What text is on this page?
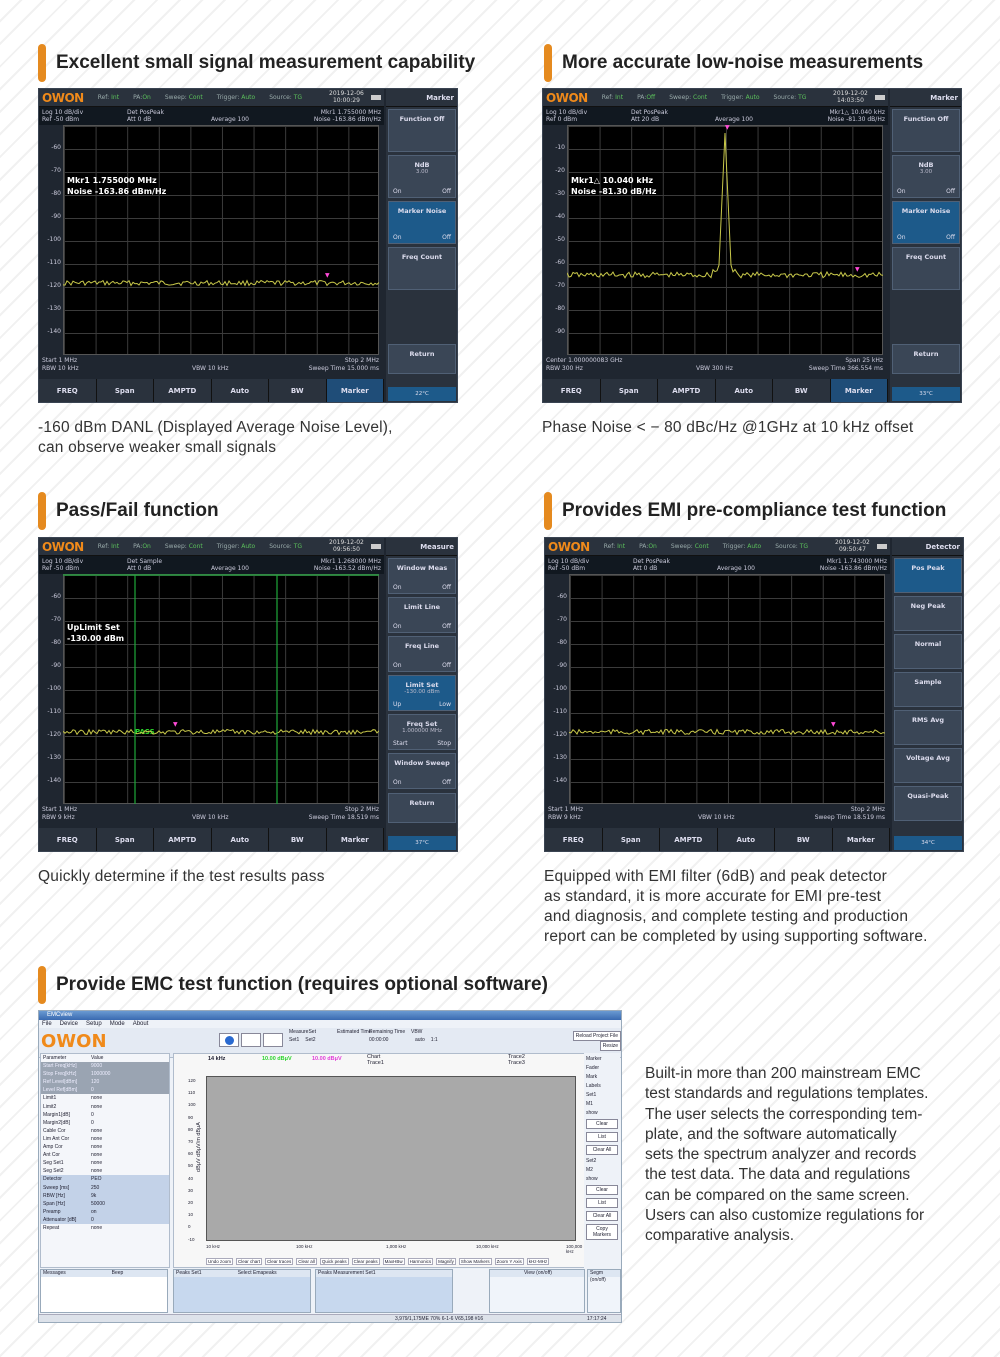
Excellent small signal measurement capability	More accurate low-noise measurements
Pass/Fail function	Provides EMI pre-compliance test function
Provide EMC test function (requires optional software)
-160 dBm DANL (Displayed Average Noise Level),
can observe weaker small signals
Phase Noise < − 80 dBc/Hz @1GHz at 10 kHz offset
Quickly determine if the test results pass	Equipped with EMI filter (6dB) and peak detector
as standard, it is more accurate for EMI pre-test
and diagnosis, and complete testing and production
report can be completed by using supporting software.
Built-in more than 200 mainstream EMC
test standards and regulations templates.
The user selects the corresponding tem-
plate, and the software automatically
sets the spectrum analyzer and records
the test data. The data and regulations
can be compared on the same screen.
Users can also customize regulations for
comparative analysis.
OWON Ref: Int PA:On Sweep: Cont Trigger: Auto Source: TG
2019-12-06
10:00:29
Log 10 dB/div
Ref -50 dBm
Det PosPeak
Att 0 dB	Average 100
Mkr1 1.755000 MHz
Noise -163.86 dBm/Hz
-60
-70
-80
-90
-100
-110
-120
-130
-140
Mkr1 1.755000 MHz
Noise -163.86 dBm/Hz
Start 1 MHz
RBW 10 kHz	VBW 10 kHz
Stop 2 MHz
Sweep Time 15.000 ms
FREQ	Span	AMPTD	Auto	BW	Marker
Marker
Function Off
NdB
3.00
On	Off
Marker Noise
On	Off
Freq Count
Return
22°C
▼
OWON Ref: Int PA:Off Sweep: Cont Trigger: Auto Source: TG
2019-12-02
14:03:50
Log 10 dB/div
Ref 0 dBm
Det PosPeak
Att 20 dB	Average 100
Mkr1△ 10.040 kHz
Noise -81.30 dB/Hz
-10
-20
-30
-40
-50
-60
-70
-80
-90
Mkr1△ 10.040 kHz
Noise -81.30 dB/Hz
Center 1.000000083 GHz
RBW 300 Hz	VBW 300 Hz
Span 25 kHz
Sweep Time 366.554 ms
FREQ	Span	AMPTD	Auto	BW	Marker
Marker
Function Off
NdB
3.00
On	Off
Marker Noise
On	Off
Freq Count
Return
33°C
▼
▼
OWON Ref: Int PA:On Sweep: Cont Trigger: Auto Source: TG
2019-12-02
09:56:50
Log 10 dB/div
Ref -50 dBm
Det Sample
Att 0 dB	Average 100
Mkr1 1.268000 MHz
Noise -163.52 dBm/Hz
-60
-70
-80
-90
-100
-110
-120
-130
-140
UpLimit Set
-130.00 dBm
PASS
Start 1 MHz
RBW 9 kHz	VBW 10 kHz
Stop 2 MHz
Sweep Time 18.519 ms
FREQ	Span	AMPTD	Auto	BW	Marker
Measure
Window Meas
On	Off
Limit Line
On	Off
Freq Line
On	Off
Limit Set
-130.00 dBm
Up	Low
Freq Set
1.000000 MHz
Start	Stop
Window Sweep
On	Off
Return
37°C
▼
OWON Ref: Int PA:On Sweep: Cont Trigger: Auto Source: TG
2019-12-02
09:50:47
Log 10 dB/div
Ref -50 dBm
Det PosPeak
Att 0 dB	Average 100
Mkr1 1.743000 MHz
Noise -163.86 dBm/Hz
-60
-70
-80
-90
-100
-110
-120
-130
-140
Start 1 MHz
RBW 9 kHz	VBW 10 kHz
Stop 2 MHz
Sweep Time 18.519 ms
FREQ	Span	AMPTD	Auto	BW	Marker
Detector
Pos Peak
Neg Peak
Normal
Sample
RMS Avg
Voltage Avg
Quasi-Peak
34°C
▼
EMCview
File Device Setup Mode About
OWON	MeasureSet
Set1 Set2
Estimated Time
Remaining Time
00:00:00
VBW
auto 1:1
Reload Project File
Resize
Parameter	Value
Start Freq[kHz]	9000
Stop Freq[kHz]	1000000
Ref Level[dBm]	120
Level Ref[dBm]	0
Limit1	none
Limit2	none
Margin1[dB]	0
Margin2[dB]	0
Cable Cor	none
Lim Ant Cor	none
Amp Cor	none
Ant Cor	none
Seg Set1	none
Seg Set2	none
Detector	PEO
Sweep [ms]	250
RBW [Hz]	9k
Span [Hz]	50000
Preamp	on
Attenuator [dB]	0
Repeat	none
14 kHz	10.00 dBμV	10.00 dBμV	Chart
Trace1
Trace2
Trace3
dBμV dBμV/m dBμA
120
110
100
90
80
70
60
50
40
30
20
10
0
-10
10 kHz	100 kHz	1,000 kHz	10,000 kHz	100,000 kHz
Undo zoom	Clear chart	Clear traces	Clear all	Quick peaks	Clear peaks	MaxHBw	Harmonics	Magnify	Show Markers	Zoom Y Axis	kHz-MHz
Marker
Fader
Mark
Labels
Set1
M1
show
Clear
List
Clear All
Set2
M2
show
Clear
List
Clear All
Copy Markers
Messages	Beep	Peaks Set1	Select Emapeaks	Peaks Measurement Set1	View (on/off)	Segm (on/off)
3,979/1,175ME 70% 6-1-6 V65,198 #16	17:17:24
